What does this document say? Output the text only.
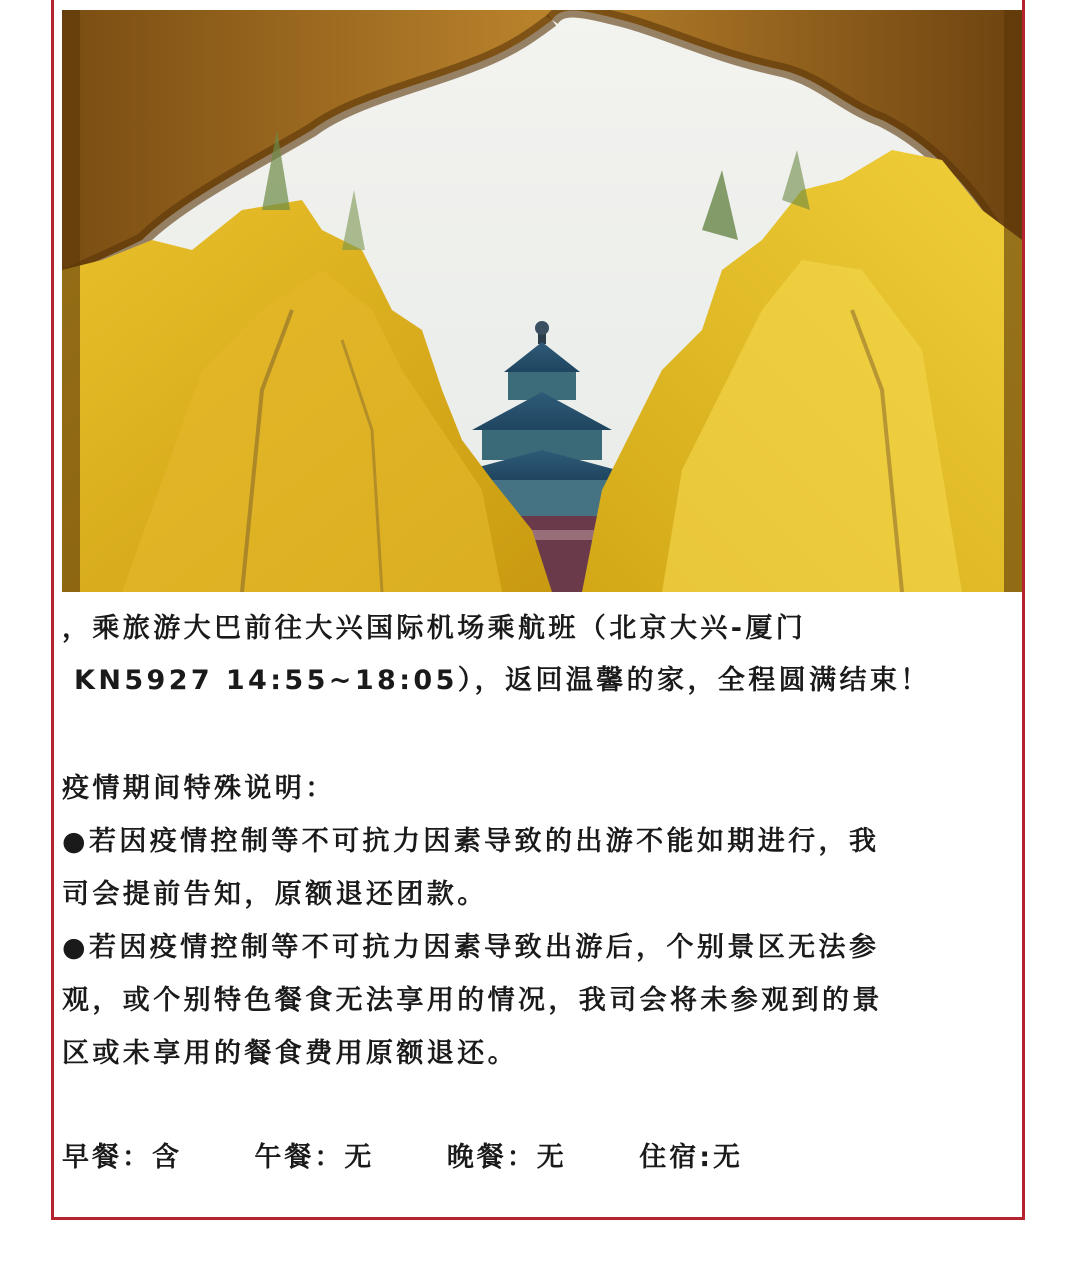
，乘旅游大巴前往大兴国际机场乘航班（北京大兴-厦门
KN5927 14:55~18:05），返回温馨的家，全程圆满结束！
疫情期间特殊说明：
●若因疫情控制等不可抗力因素导致的出游不能如期进行，我
司会提前告知，原额退还团款。
●若因疫情控制等不可抗力因素导致出游后，个别景区无法参
观，或个别特色餐食无法享用的情况，我司会将未参观到的景
区或未享用的餐食费用原额退还。
早餐：含	午餐：无	晚餐：无	住宿:无
